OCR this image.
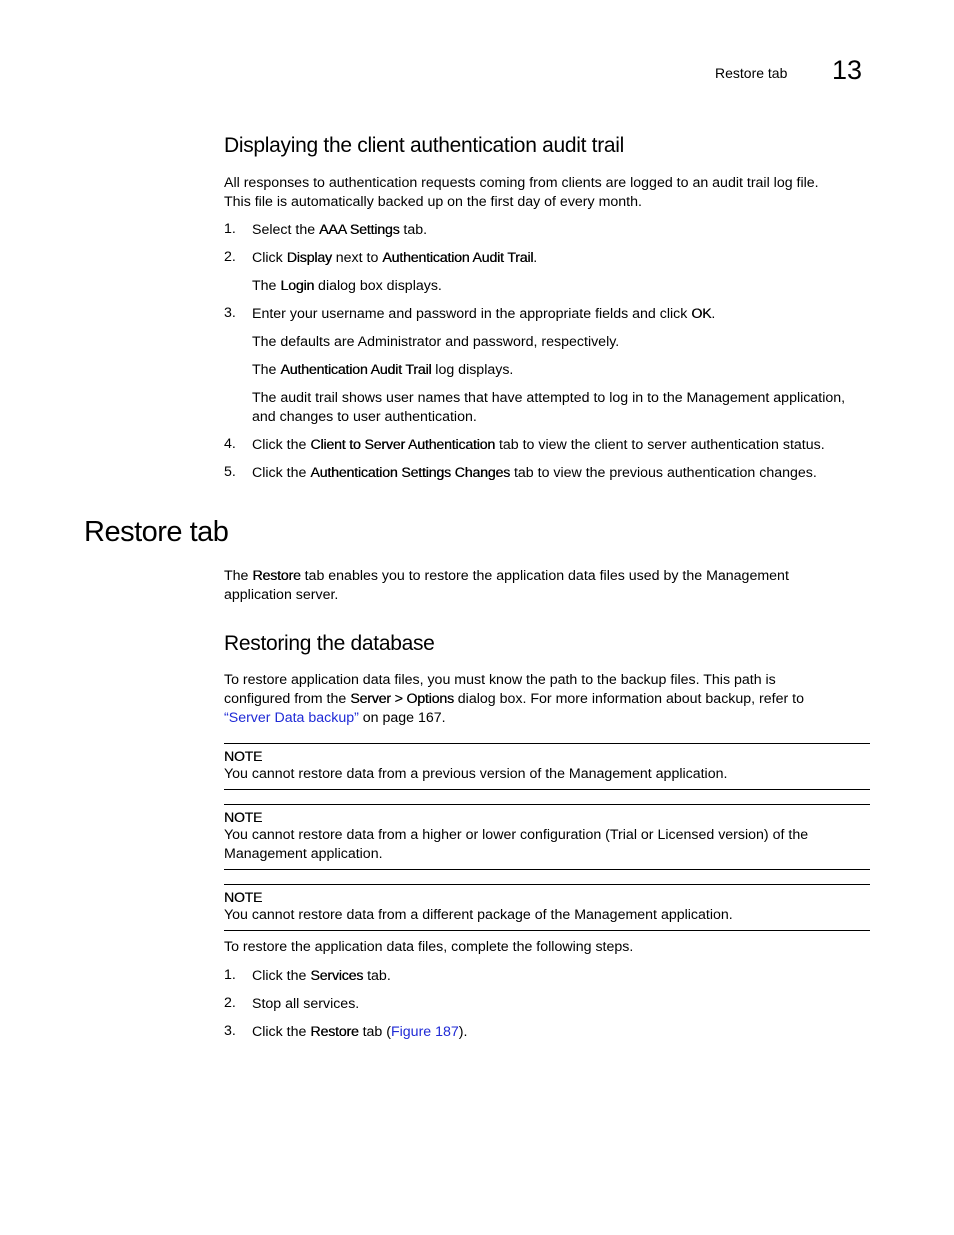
Restore tab 13
Displaying the client authentication audit trail

All responses to authentication requests coming from clients are logged to an audit trail log file.

This file is automatically backed up on the first day of every month.

1. Select the AAA Settings tab.
2. Click Display next to Authentication Audit Trail.
The Login dialog box displays.
3. Enter your username and password in the appropriate fields and click OK.
The defaults are Administrator and password, respectively.
The Authentication Audit Trail log displays.

The audit trail shows user names that have attempted to log in to the Management application,

and changes to user authentication.

4. Click the Client to Server Authentication tab to view the client to server authentication status.
5. Click the Authentication Settings Changes tab to view the previous authentication changes.
Restore tab

The Restore tab enables you to restore the application data files used by the Management

application server.

Restoring the database

To restore application data files, you must know the path to the backup files. This path is

configured from the Server > Options dialog box. For more information about backup, refer to

“Server Data backup” on page 167.

NOTE
You cannot restore data from a previous version of the Management application.
NOTE
You cannot restore data from a higher or lower configuration (Trial or Licensed version) of the
Management application.
NOTE
You cannot restore data from a different package of the Management application.
To restore the application data files, complete the following steps.
1. Click the Services tab.
2. Stop all services.
3. Click the Restore tab (Figure 187).
